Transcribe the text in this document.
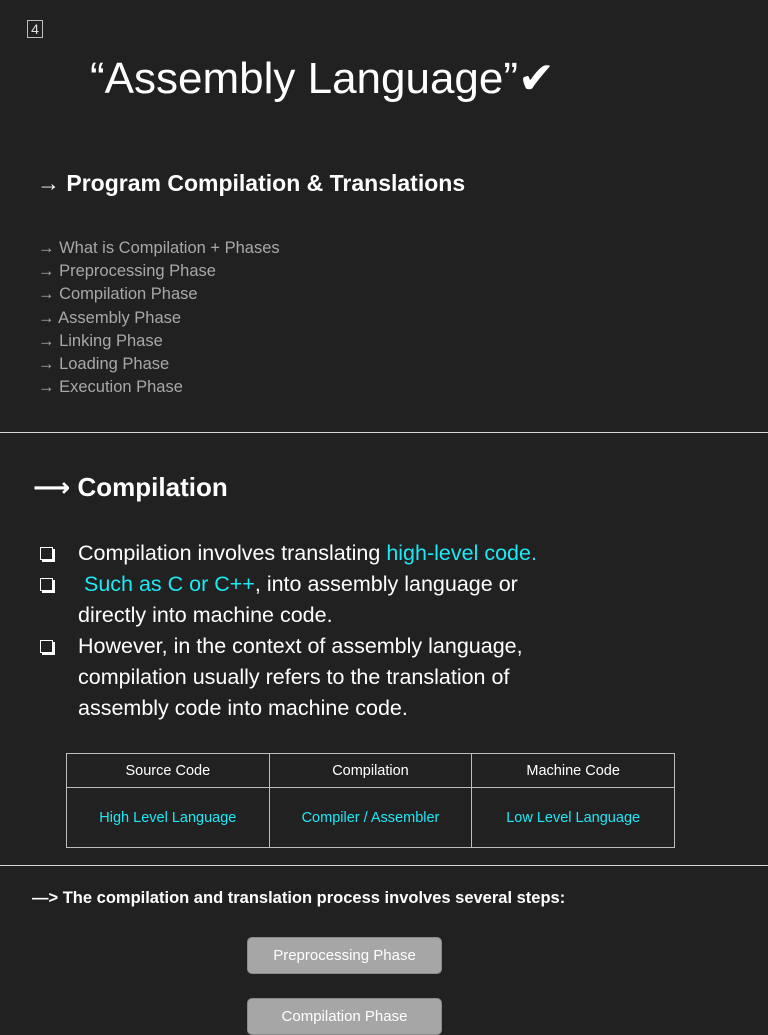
4
“Assembly Language”✔
→ Program Compilation & Translations
→ What is Compilation + Phases
→ Preprocessing Phase
→ Compilation Phase
→ Assembly Phase
→ Linking Phase
→ Loading Phase
→ Execution Phase
⟶ Compilation
Compilation involves translating high-level code.
Such as C or C++, into assembly language or
directly into machine code.
However, in the context of assembly language,
compilation usually refers to the translation of
assembly code into machine code.
Source Code	Compilation	Machine Code
High Level Language	Compiler / Assembler	Low Level Language

—> The compilation and translation process involves several steps:

Preprocessing Phase
Compilation Phase
